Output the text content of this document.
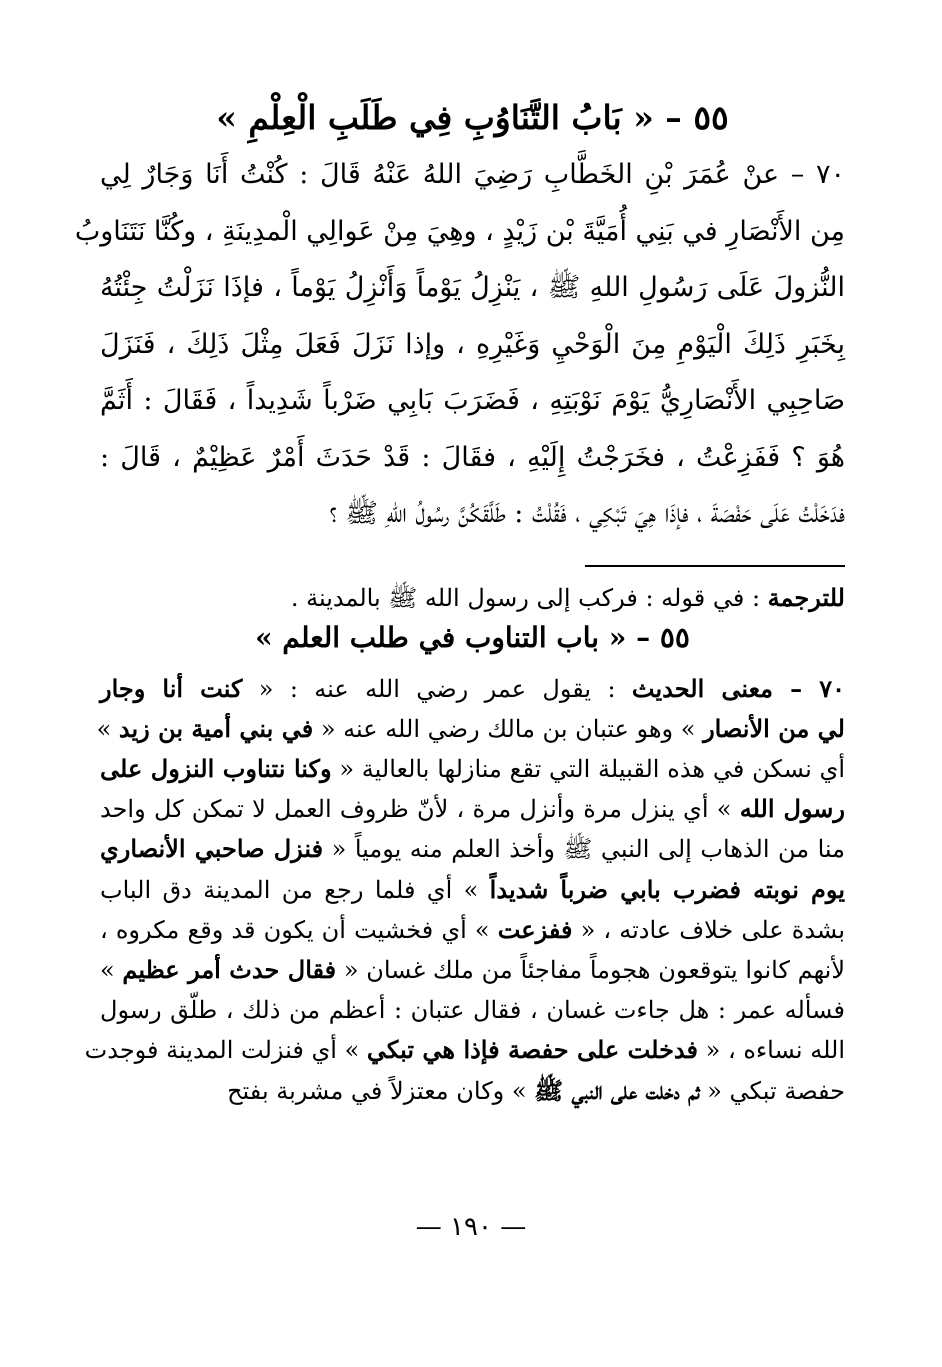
٥٥ – « بَابُ التَّنَاوُبِ فِي طَلَبِ الْعِلْمِ »
٧٠ – عنْ عُمَرَ بْنِ الخَطَّابِ رَضِيَ اللهُ عَنْهُ قَالَ : كُنْتُ أَنَا وَجَارٌ لِي
مِن الأَنْصَارِ في بَنِي أُمَيَّةَ بْن زَيْدٍ ، وهِيَ مِنْ عَوالِي الْمدِينَةِ ، وكُنَّا نَتَنَاوبُ
النُّزولَ عَلَى رَسُولِ اللهِ ﷺ ، يَنْزِلُ يَوْماً وَأَنْزِلُ يَوْماً ، فإذَا نَزَلْتُ جِئْتُهُ
بِخَبَرِ ذَلِكَ الْيَوْمِ مِنَ الْوَحْيِ وَغَيْرِهِ ، وإذا نَزَلَ فَعَلَ مِثْلَ ذَلِكَ ، فَنَزَلَ
صَاحِبِي الأَنْصَارِيُّ يَوْمَ نَوْبَتِهِ ، فَضَرَبَ بَابِي ضَرْباً شَدِيداً ، فَقَالَ : أَثَمَّ
هُوَ ؟ فَفَزِعْتُ ، فخَرَجْتُ إِلَيْهِ ، فقَالَ : قَدْ حَدَثَ أَمْرٌ عَظِيْمٌ ، قَالَ :
فدَخَلْتُ عَلَى حَفْصَةَ ، فإذَا هِيَ تَبْكِي ، فَقُلْتُ : طَلَّقَكُنَّ رسُولُ اللهِ ﷺ ؟
للترجمة : في قوله : فركب إلى رسول الله ﷺ بالمدينة .
٥٥ – « باب التناوب في طلب العلم »
٧٠ – معنى الحديث : يقول عمر رضي الله عنه : « كنت أنا وجار
لي من الأنصار » وهو عتبان بن مالك رضي الله عنه « في بني أمية بن زيد »
أي نسكن في هذه القبيلة التي تقع منازلها بالعالية « وكنا نتناوب النزول على
رسول الله » أي ينزل مرة وأنزل مرة ، لأنّ ظروف العمل لا تمكن كل واحد
منا من الذهاب إلى النبي ﷺ وأخذ العلم منه يومياً « فنزل صاحبي الأنصاري
يوم نوبته فضرب بابي ضرباً شديداً » أي فلما رجع من المدينة دق الباب
بشدة على خلاف عادته ، « ففزعت » أي فخشيت أن يكون قد وقع مكروه ،
لأنهم كانوا يتوقعون هجوماً مفاجئاً من ملك غسان « فقال حدث أمر عظيم »
فسأله عمر : هل جاءت غسان ، فقال عتبان : أعظم من ذلك ، طلّق رسول
الله نساءه ، « فدخلت على حفصة فإذا هي تبكي » أي فنزلت المدينة فوجدت
حفصة تبكي « ثم دخلت على النبي ﷺ » وكان معتزلاً في مشربة بفتح
— ١٩٠ —
